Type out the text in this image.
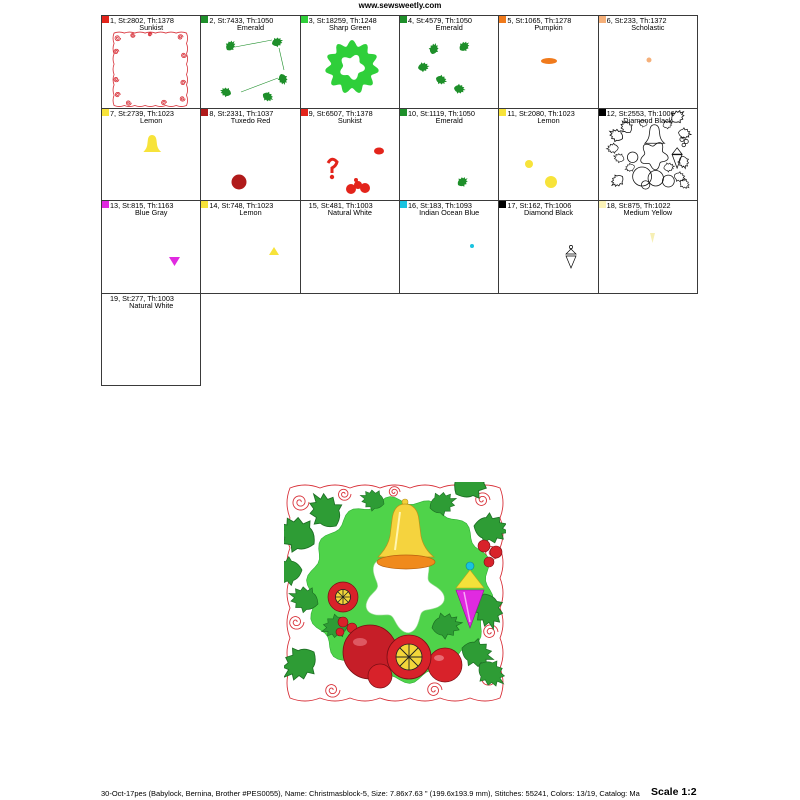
www.sewsweetly.com
1, St:2802, Th:1378
Sunkist
2, St:7433, Th:1050
Emerald
3, St:18259, Th:1248
Sharp Green
4, St:4579, Th:1050
Emerald
5, St:1065, Th:1278
Pumpkin
6, St:233, Th:1372
Scholastic
7, St:2739, Th:1023
Lemon
8, St:2331, Th:1037
Tuxedo Red
9, St:6507, Th:1378
Sunkist
10, St:1119, Th:1050
Emerald
11, St:2080, Th:1023
Lemon
12, St:2553, Th:1006
Diamond Black
13, St:815, Th:1163
Blue Gray
14, St:748, Th:1023
Lemon
15, St:481, Th:1003
Natural White
16, St:183, Th:1093
Indian Ocean Blue
17, St:162, Th:1006
Diamond Black
18, St:875, Th:1022
Medium Yellow
19, St:277, Th:1003
Natural White
30-Oct-17pes (Babylock, Bernina, Brother #PES0055), Name: Christmasblock-5, Size: 7.86x7.63 " (199.6x193.9 mm), Stitches: 55241, Colors: 13/19, Catalog: Ma	Scale 1:2
